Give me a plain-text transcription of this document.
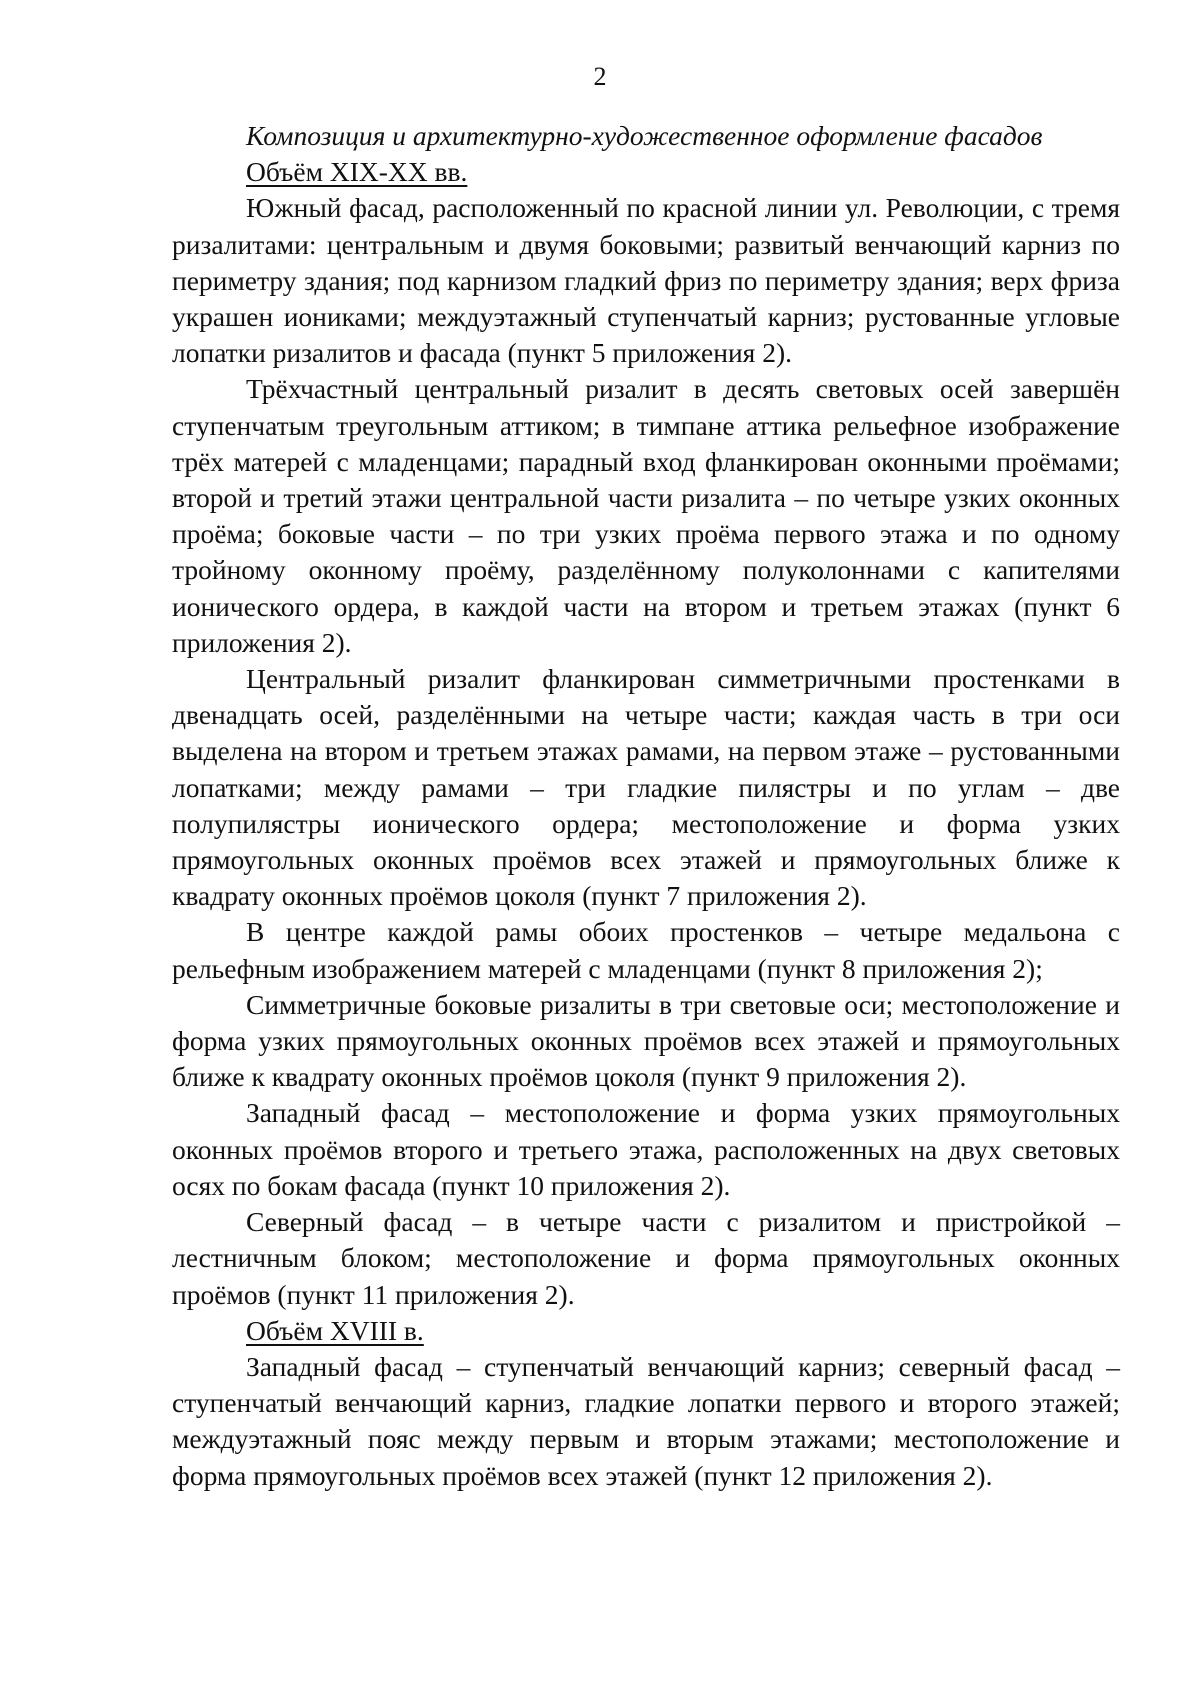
2

Композиция и архитектурно-художественное оформление фасадов

Объём XIX-XX вв.

Южный фасад, расположенный по красной линии ул. Революции, с тремя ризалитами: центральным и двумя боковыми; развитый венчающий карниз по периметру здания; под карнизом гладкий фриз по периметру здания; верх фриза украшен иониками; междуэтажный ступенчатый карниз; рустованные угловые лопатки ризалитов и фасада (пункт 5 приложения 2).

Трёхчастный центральный ризалит в десять световых осей завершён ступенчатым треугольным аттиком; в тимпане аттика рельефное изображение трёх матерей с младенцами; парадный вход фланкирован оконными проёмами; второй и третий этажи центральной части ризалита – по четыре узких оконных проёма; боковые части – по три узких проёма первого этажа и по одному тройному оконному проёму, разделённому полуколоннами с капителями ионического ордера, в каждой части на втором и третьем этажах (пункт 6 приложения 2).

Центральный ризалит фланкирован симметричными простенками в двенадцать осей, разделёнными на четыре части; каждая часть в три оси выделена на втором и третьем этажах рамами, на первом этаже – рустованными лопатками; между рамами – три гладкие пилястры и по углам – две полупилястры ионического ордера; местоположение и форма узких прямоугольных оконных проёмов всех этажей и прямоугольных ближе к квадрату оконных проёмов цоколя (пункт 7 приложения 2).

В центре каждой рамы обоих простенков – четыре медальона с рельефным изображением матерей с младенцами (пункт 8 приложения 2);

Симметричные боковые ризалиты в три световые оси; местоположение и форма узких прямоугольных оконных проёмов всех этажей и прямоугольных ближе к квадрату оконных проёмов цоколя (пункт 9 приложения 2).

Западный фасад – местоположение и форма узких прямоугольных оконных проёмов второго и третьего этажа, расположенных на двух световых осях по бокам фасада (пункт 10 приложения 2).

Северный фасад – в четыре части с ризалитом и пристройкой – лестничным блоком; местоположение и форма прямоугольных оконных проёмов (пункт 11 приложения 2).

Объём XVIII в.

Западный фасад – ступенчатый венчающий карниз; северный фасад – ступенчатый венчающий карниз, гладкие лопатки первого и второго этажей; междуэтажный пояс между первым и вторым этажами; местоположение и форма прямоугольных проёмов всех этажей (пункт 12 приложения 2).
